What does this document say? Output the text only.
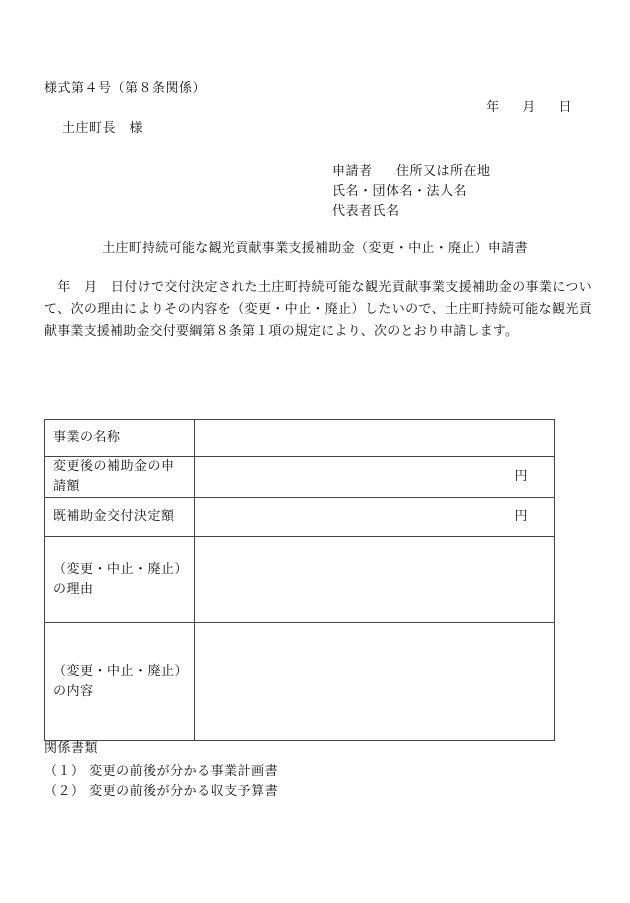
様式第４号（第８条関係）
年 月 日
土庄町長　様
申請者 住所又は所在地
氏名・団体名・法人名
代表者氏名
土庄町持続可能な観光貢献事業支援補助金（変更・中止・廃止）申請書
　年　月　日付けで交付決定された土庄町持続可能な観光貢献事業支援補助金の事業について、次の理由によりその内容を（変更・中止・廃止）したいので、土庄町持続可能な観光貢献事業支援補助金交付要綱第８条第１項の規定により、次のとおり申請します。
事業の名称	
変更後の補助金の申請額	円
既補助金交付決定額	円
（変更・中止・廃止）の理由	
（変更・中止・廃止）の内容	
関係書類
（１） 変更の前後が分かる事業計画書
（２） 変更の前後が分かる収支予算書
